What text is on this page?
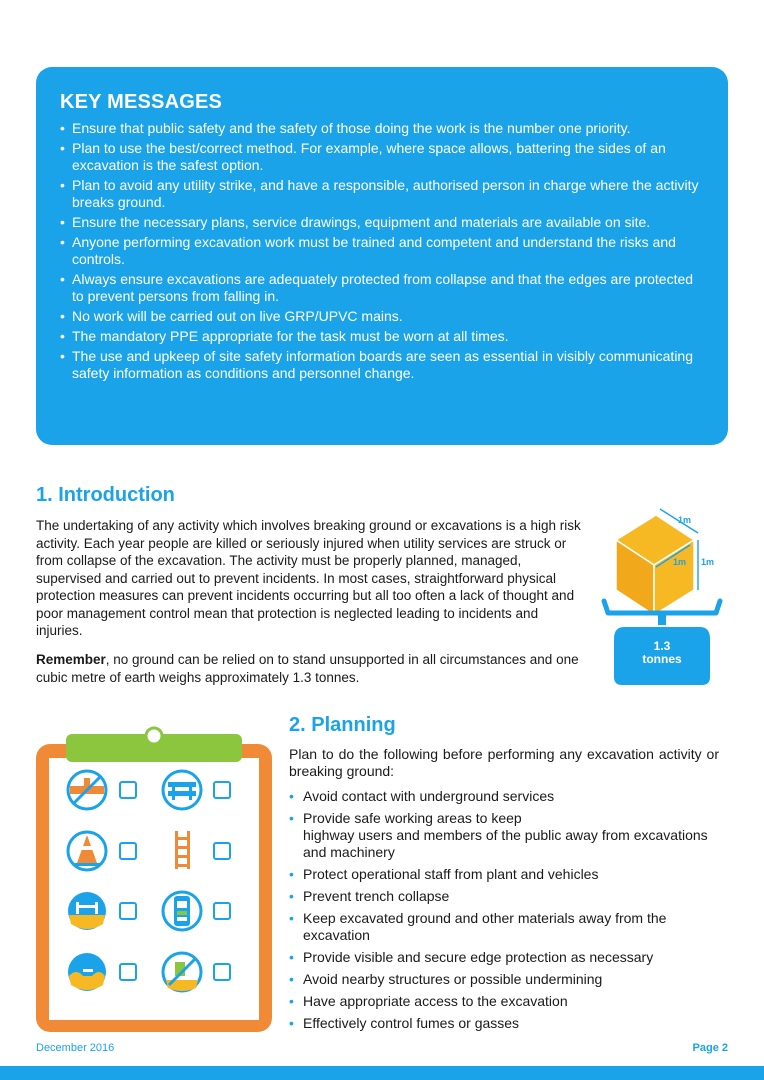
KEY MESSAGES
• Ensure that public safety and the safety of those doing the work is the number one priority.
• Plan to use the best/correct method. For example, where space allows, battering the sides of an excavation is the safest option.
• Plan to avoid any utility strike, and have a responsible, authorised person in charge where the activity breaks ground.
• Ensure the necessary plans, service drawings, equipment and materials are available on site.
• Anyone performing excavation work must be trained and competent and understand the risks and controls.
• Always ensure excavations are adequately protected from collapse and that the edges are protected to prevent persons from falling in.
• No work will be carried out on live GRP/UPVC mains.
• The mandatory PPE appropriate for the task must be worn at all times.
• The use and upkeep of site safety information boards are seen as essential in visibly communicating safety information as conditions and personnel change.
1. Introduction

The undertaking of any activity which involves breaking ground or excavations is a high risk activity. Each year people are killed or seriously injured when utility services are struck or from collapse of the excavation. The activity must be properly planned, managed, supervised and carried out to prevent incidents. In most cases, straightforward physical protection measures can prevent incidents occurring but all too often a lack of thought and poor management control mean that protection is neglected leading to incidents and injuries.

Remember, no ground can be relied on to stand unsupported in all circumstances and one cubic metre of earth weighs approximately 1.3 tonnes.

1m
1m 1m
1.3
tonnes
2. Planning

Plan to do the following before performing any excavation activity or breaking ground:

• Avoid contact with underground services
• Provide safe working areas to keep
highway users and members of the public away from excavations and machinery
• Protect operational staff from plant and vehicles
• Prevent trench collapse
• Keep excavated ground and other materials away from the excavation
• Provide visible and secure edge protection as necessary
• Avoid nearby structures or possible undermining
• Have appropriate access to the excavation
• Effectively control fumes or gasses
December 2016	Page 2
